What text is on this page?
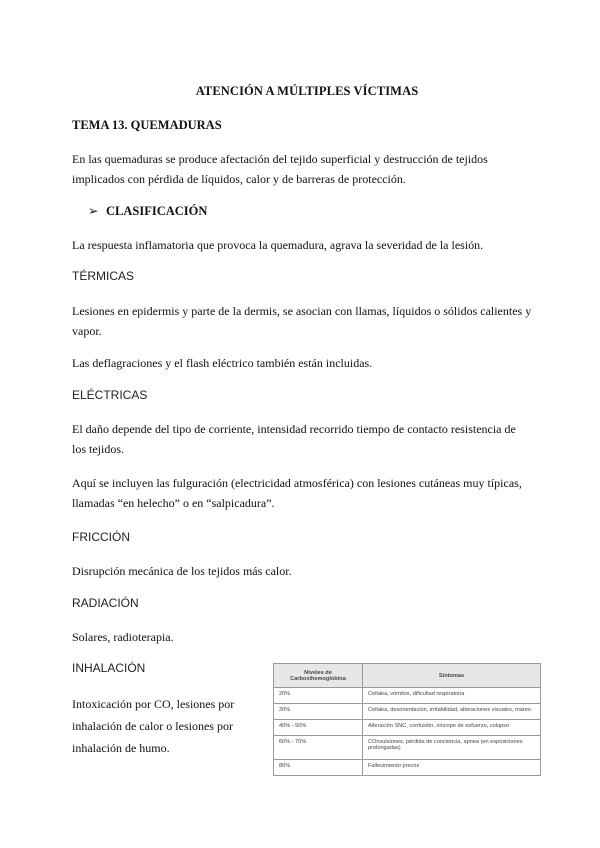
ATENCIÓN A MÚLTIPLES VÍCTIMAS
TEMA 13. QUEMADURAS
En las quemaduras se produce afectación del tejido superficial y destrucción de tejidos implicados con pérdida de líquidos, calor y de barreras de protección.
➢ CLASIFICACIÓN
La respuesta inflamatoria que provoca la quemadura, agrava la severidad de la lesión.
TÉRMICAS
Lesiones en epidermis y parte de la dermis, se asocian con llamas, líquidos o sólidos calientes y vapor.
Las deflagraciones y el flash eléctrico también están incluidas.
ELÉCTRICAS
El daño depende del tipo de corriente, intensidad recorrido tiempo de contacto resistencia de los tejidos.
Aquí se incluyen las fulguración (electricidad atmosférica) con lesiones cutáneas muy típicas, llamadas “en helecho” o en “salpicadura”.
FRICCIÓN
Disrupción mecánica de los tejidos más calor.
RADIACIÓN
Solares, radioterapia.
INHALACIÓN
Intoxicación por CO, lesiones por inhalación de calor o lesiones por inhalación de humo.
Niveles de Carboxihemoglobina	Síntomas
20%	Cefalea, vómitos, dificultad respiratoria
30%	Cefalea, desorientación, irritabilidad, alteraciones visuales, mareo
40% - 50%	Alteración SNC, confusión, síncope de esfuerzo, colapso
60% - 70%	COnvulsiones, pérdida de conciencia, apnea (en exposiciones prolongadas)
80%	Fallecimiento precoz
